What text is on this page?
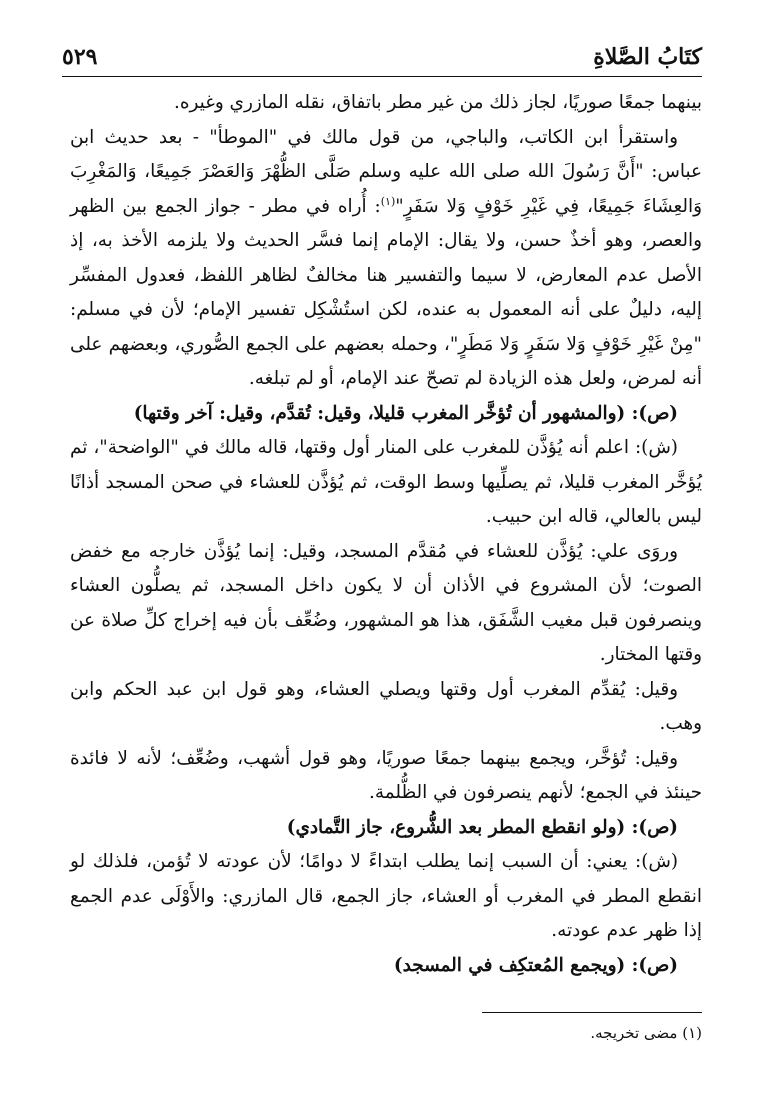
كتَابُ الصَّلاةِ
٥٢٩

بينهما جمعًا صوريًا، لجاز ذلك من غير مطر باتفاق، نقله المازري وغيره.

واستقرأ ابن الكاتب، والباجي، من قول مالك في "الموطأ" - بعد حديث ابن عباس: "أَنَّ رَسُولَ الله صلى الله عليه وسلم صَلَّى الظُّهْرَ وَالعَصْرَ جَمِيعًا، وَالمَغْرِبَ وَالعِشَاءَ جَمِيعًا، فِي غَيْرِ خَوْفٍ وَلا سَفَرٍ"$^{(١)}$: أُراه في مطر - جواز الجمع بين الظهر والعصر، وهو أخذٌ حسن، ولا يقال: الإمام إنما فسَّر الحديث ولا يلزمه الأخذ به، إذ الأصل عدم المعارض، لا سيما والتفسير هنا مخالفٌ لظاهر اللفظ، فعدول المفسِّر إليه، دليلٌ على أنه المعمول به عنده، لكن استُشْكِل تفسير الإمام؛ لأن في مسلم: "مِنْ غَيْرِ خَوْفٍ وَلا سَفَرٍ وَلا مَطَرٍ"، وحمله بعضهم على الجمع الصُّوري، وبعضهم على أنه لمرض، ولعل هذه الزيادة لم تصحّ عند الإمام، أو لم تبلغه.

(ص): (والمشهور أن تُؤخَّر المغرب قليلا، وقيل: تُقدَّم، وقيل: آخر وقتها)

(ش): اعلم أنه يُؤذَّن للمغرب على المنار أول وقتها، قاله مالك في "الواضحة"، ثم يُؤخَّر المغرب قليلا، ثم يصلِّيها وسط الوقت، ثم يُؤذَّن للعشاء في صحن المسجد أذانًا ليس بالعالي، قاله ابن حبيب.

وروَى علي: يُؤذَّن للعشاء في مُقدَّم المسجد، وقيل: إنما يُؤذَّن خارجه مع خفض الصوت؛ لأن المشروع في الأذان أن لا يكون داخل المسجد، ثم يصلُّون العشاء وينصرفون قبل مغيب الشَّفَق، هذا هو المشهور، وضُعِّف بأن فيه إخراج كلِّ صلاة عن وقتها المختار.

وقيل: يُقدِّم المغرب أول وقتها ويصلي العشاء، وهو قول ابن عبد الحكم وابن وهب.

وقيل: تُؤخَّر، ويجمع بينهما جمعًا صوريًا، وهو قول أشهب، وضُعِّف؛ لأنه لا فائدة حينئذ في الجمع؛ لأنهم ينصرفون في الظُّلمة.

(ص): (ولو انقطع المطر بعد الشُّروع، جاز التَّمادي)

(ش): يعني: أن السبب إنما يطلب ابتداءً لا دوامًا؛ لأن عودته لا تُؤمن، فلذلك لو انقطع المطر في المغرب أو العشاء، جاز الجمع، قال المازري: والأَوْلَى عدم الجمع إذا ظهر عدم عودته.

(ص): (ويجمع المُعتكِف في المسجد)

(١) مضى تخريجه.
